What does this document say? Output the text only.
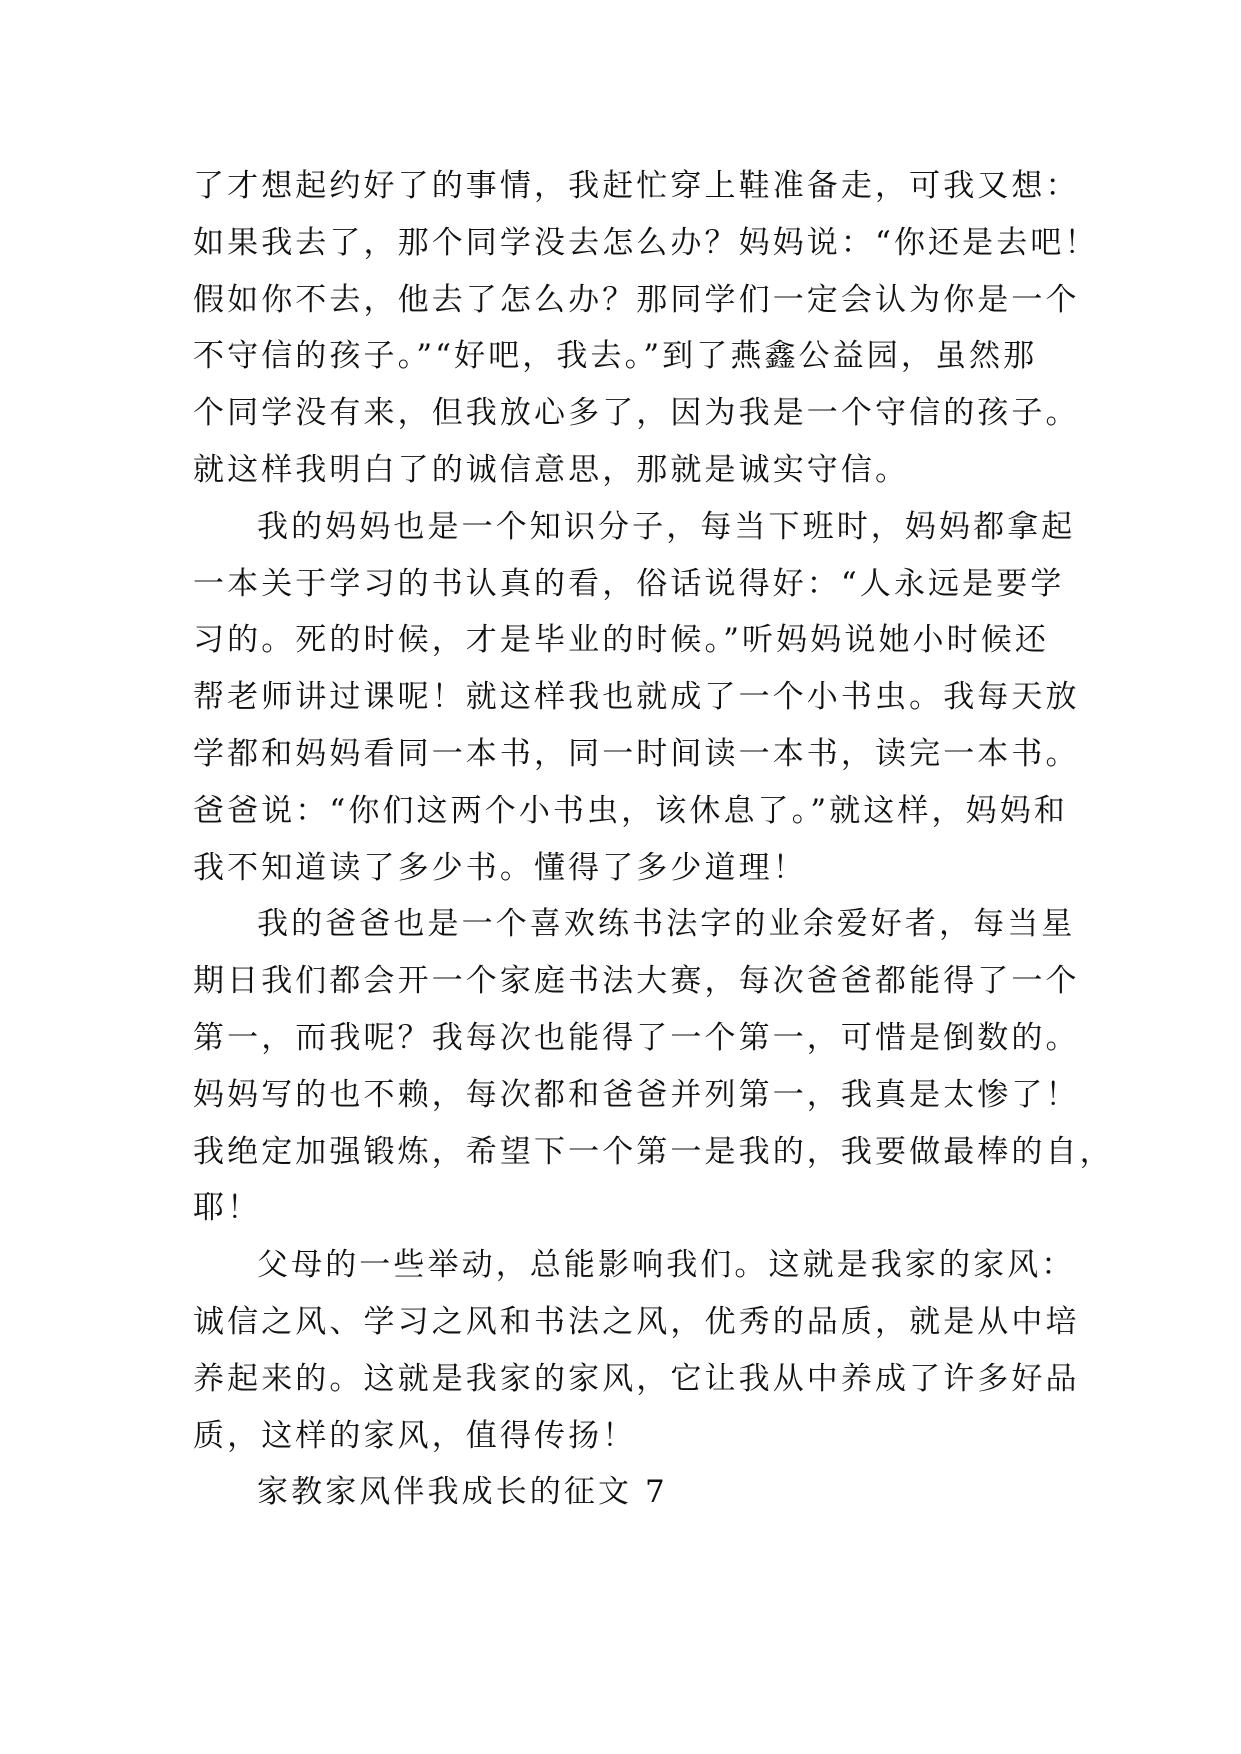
了才想起约好了的事情，我赶忙穿上鞋准备走，可我又想：
如果我去了，那个同学没去怎么办？妈妈说：“你还是去吧！
假如你不去，他去了怎么办？那同学们一定会认为你是一个
不守信的孩子。”“好吧，我去。”到了燕鑫公益园，虽然那
个同学没有来，但我放心多了，因为我是一个守信的孩子。
就这样我明白了的诚信意思，那就是诚实守信。
我的妈妈也是一个知识分子，每当下班时，妈妈都拿起
一本关于学习的书认真的看，俗话说得好：“人永远是要学
习的。死的时候，才是毕业的时候。”听妈妈说她小时候还
帮老师讲过课呢！就这样我也就成了一个小书虫。我每天放
学都和妈妈看同一本书，同一时间读一本书，读完一本书。
爸爸说：“你们这两个小书虫，该休息了。”就这样，妈妈和
我不知道读了多少书。懂得了多少道理！
我的爸爸也是一个喜欢练书法字的业余爱好者，每当星
期日我们都会开一个家庭书法大赛，每次爸爸都能得了一个
第一，而我呢？我每次也能得了一个第一，可惜是倒数的。
妈妈写的也不赖，每次都和爸爸并列第一，我真是太惨了！
我绝定加强锻炼，希望下一个第一是我的，我要做最棒的自，
耶！
父母的一些举动，总能影响我们。这就是我家的家风：
诚信之风、学习之风和书法之风，优秀的品质，就是从中培
养起来的。这就是我家的家风，它让我从中养成了许多好品
质，这样的家风，值得传扬！
家教家风伴我成长的征文 7
